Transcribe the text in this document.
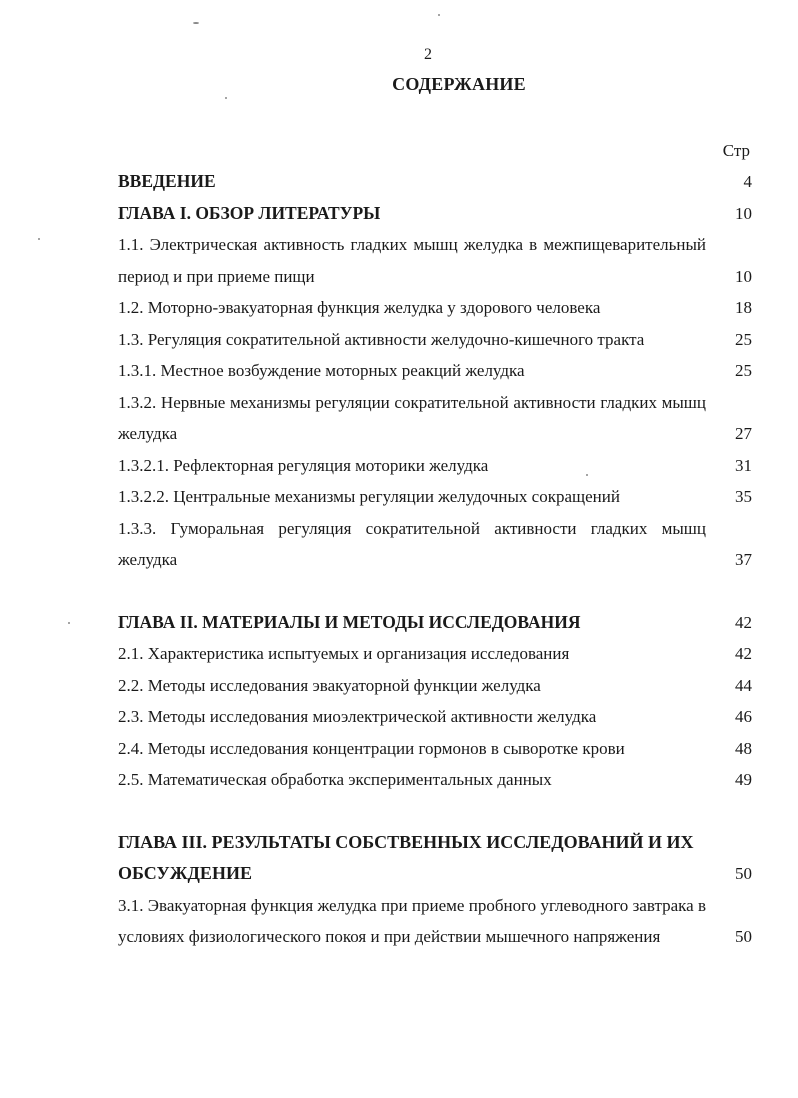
2
СОДЕРЖАНИЕ
Стр
ВВЕДЕНИЕ	4
ГЛАВА I. ОБЗОР ЛИТЕРАТУРЫ	10
1.1. Электрическая активность гладких мышц желудка в межпищеварительный период и при приеме пищи	10
1.2. Моторно-эвакуаторная функция желудка у здорового человека	18
1.3. Регуляция сократительной активности желудочно-кишечного тракта	25
1.3.1. Местное возбуждение моторных реакций желудка	25
1.3.2. Нервные механизмы регуляции сократительной активности гладких мышц желудка	27
1.3.2.1. Рефлекторная регуляция моторики желудка	31
1.3.2.2. Центральные механизмы регуляции желудочных сокращений	35
1.3.3. Гуморальная регуляция сократительной активности гладких мышц желудка	37
ГЛАВА II. МАТЕРИАЛЫ И МЕТОДЫ ИССЛЕДОВАНИЯ	42
2.1. Характеристика испытуемых и организация исследования	42
2.2. Методы исследования эвакуаторной функции желудка	44
2.3. Методы исследования миоэлектрической активности желудка	46
2.4. Методы исследования концентрации гормонов в сыворотке крови	48
2.5. Математическая обработка экспериментальных данных	49
ГЛАВА III. РЕЗУЛЬТАТЫ СОБСТВЕННЫХ ИССЛЕДОВАНИЙ И ИХ ОБСУЖДЕНИЕ	50
3.1. Эвакуаторная функция желудка при приеме пробного углеводного завтрака в условиях физиологического покоя и при действии мышечного напряжения	50
